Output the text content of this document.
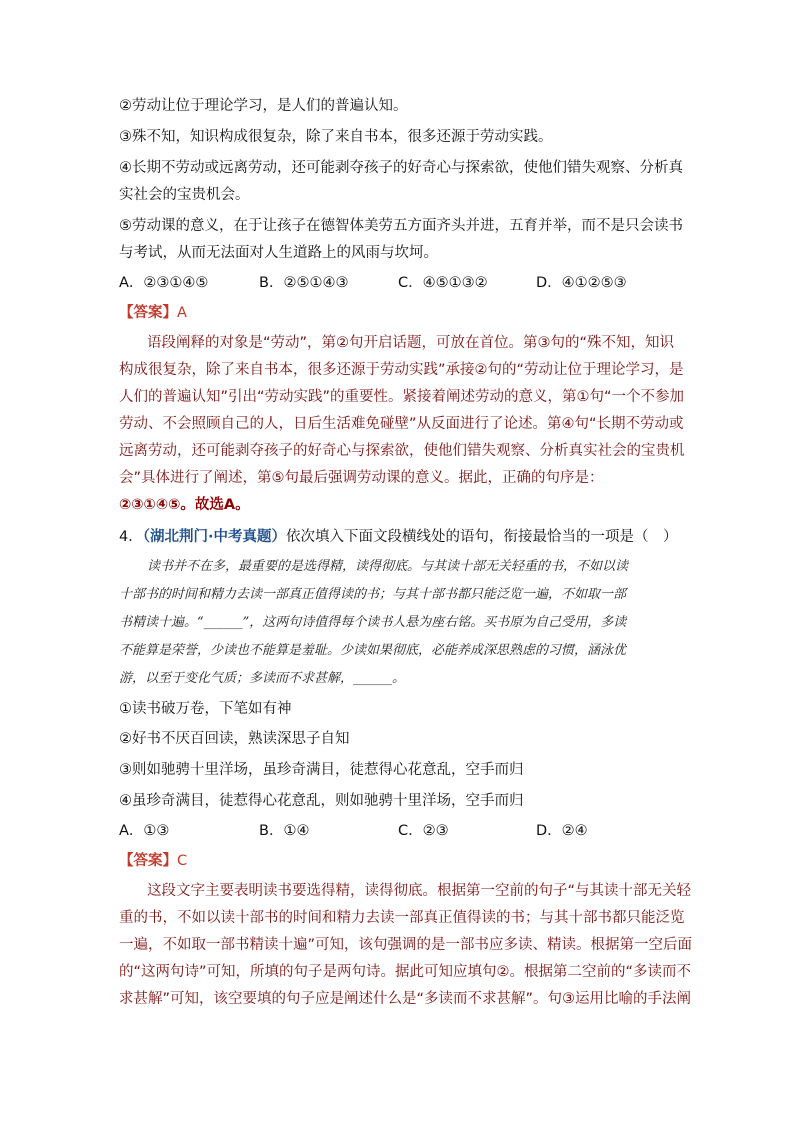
②劳动让位于理论学习，是人们的普遍认知。
③殊不知，知识构成很复杂，除了来自书本，很多还源于劳动实践。
④长期不劳动或远离劳动，还可能剥夺孩子的好奇心与探索欲，使他们错失观察、分析真
实社会的宝贵机会。
⑤劳动课的意义，在于让孩子在德智体美劳五方面齐头并进，五育并举，而不是只会读书
与考试，从而无法面对人生道路上的风雨与坎坷。
A．②③①④⑤	B．②⑤①④③	C．④⑤①③②	D．④①②⑤③
【答案】A
语段阐释的对象是“劳动”，第②句开启话题，可放在首位。第③句的“殊不知，知识
构成很复杂，除了来自书本，很多还源于劳动实践”承接②句的“劳动让位于理论学习，是
人们的普遍认知”引出“劳动实践”的重要性。紧接着阐述劳动的意义，第①句“一个不参加
劳动、不会照顾自己的人，日后生活难免碰壁”从反面进行了论述。第④句“长期不劳动或
远离劳动，还可能剥夺孩子的好奇心与探索欲，使他们错失观察、分析真实社会的宝贵机
会”具体进行了阐述，第⑤句最后强调劳动课的意义。据此，正确的句序是：
②③①④⑤。故选A。
4．（湖北荆门·中考真题）依次填入下面文段横线处的语句，衔接最恰当的一项是（　）
读书并不在多，最重要的是选得精，读得彻底。与其读十部无关轻重的书，不如以读
十部书的时间和精力去读一部真正值得读的书；与其十部书都只能泛览一遍，不如取一部
书精读十遍。“______”，这两句诗值得每个读书人悬为座右铭。买书原为自己受用，多读
不能算是荣誉，少读也不能算是羞耻。少读如果彻底，必能养成深思熟虑的习惯，涵泳优
游，以至于变化气质；多读而不求甚解，______。
①读书破万卷，下笔如有神
②好书不厌百回读，熟读深思子自知
③则如驰骋十里洋场，虽珍奇满目，徒惹得心花意乱，空手而归
④虽珍奇满目，徒惹得心花意乱，则如驰骋十里洋场，空手而归
A．①③	B．①④	C．②③	D．②④
【答案】C
这段文字主要表明读书要选得精，读得彻底。根据第一空前的句子“与其读十部无关轻
重的书，不如以读十部书的时间和精力去读一部真正值得读的书；与其十部书都只能泛览
一遍，不如取一部书精读十遍”可知，该句强调的是一部书应多读、精读。根据第一空后面
的“这两句诗”可知，所填的句子是两句诗。据此可知应填句②。根据第二空前的“多读而不
求甚解”可知，该空要填的句子应是阐述什么是“多读而不求甚解”。句③运用比喻的手法阐
